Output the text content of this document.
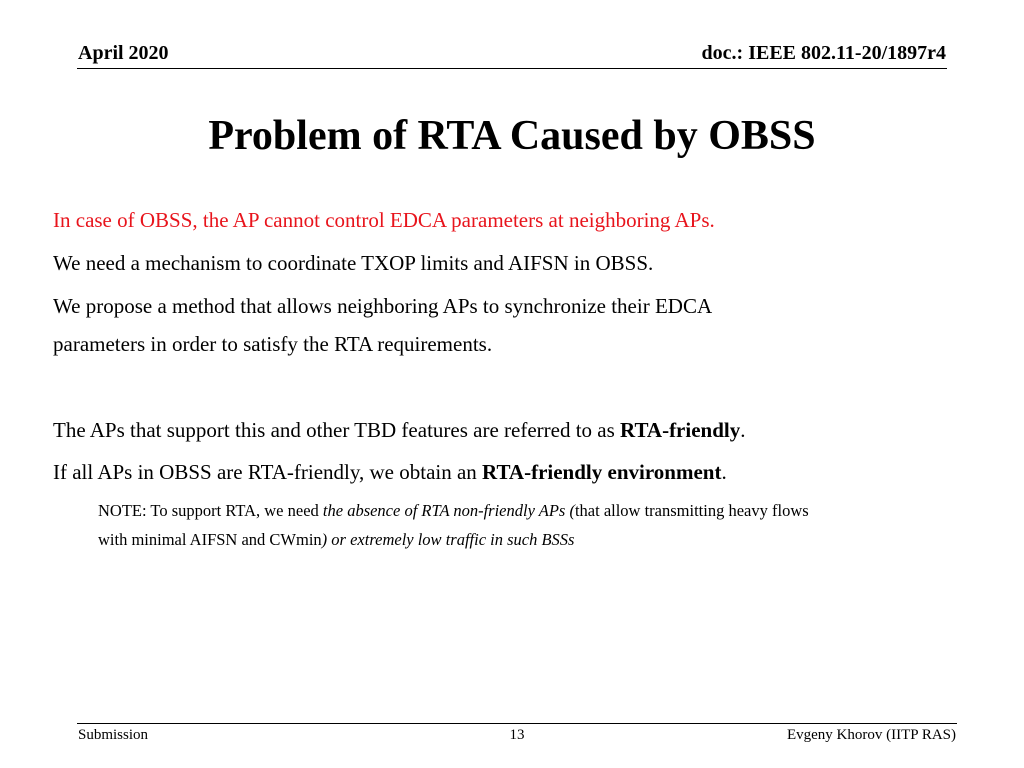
April 2020	doc.: IEEE 802.11-20/1897r4
Problem of RTA Caused by OBSS
In case of OBSS, the AP cannot control EDCA parameters at neighboring APs.
We need a mechanism to coordinate TXOP limits and AIFSN in OBSS.
We propose a method that allows neighboring APs to synchronize their EDCA
parameters in order to satisfy the RTA requirements.
The APs that support this and other TBD features are referred to as RTA-friendly.
If all APs in OBSS are RTA-friendly, we obtain an RTA-friendly environment.
NOTE: To support RTA, we need the absence of RTA non-friendly APs (that allow transmitting heavy flows
with minimal AIFSN and CWmin) or extremely low traffic in such BSSs
Submission	13	Evgeny Khorov (IITP RAS)
